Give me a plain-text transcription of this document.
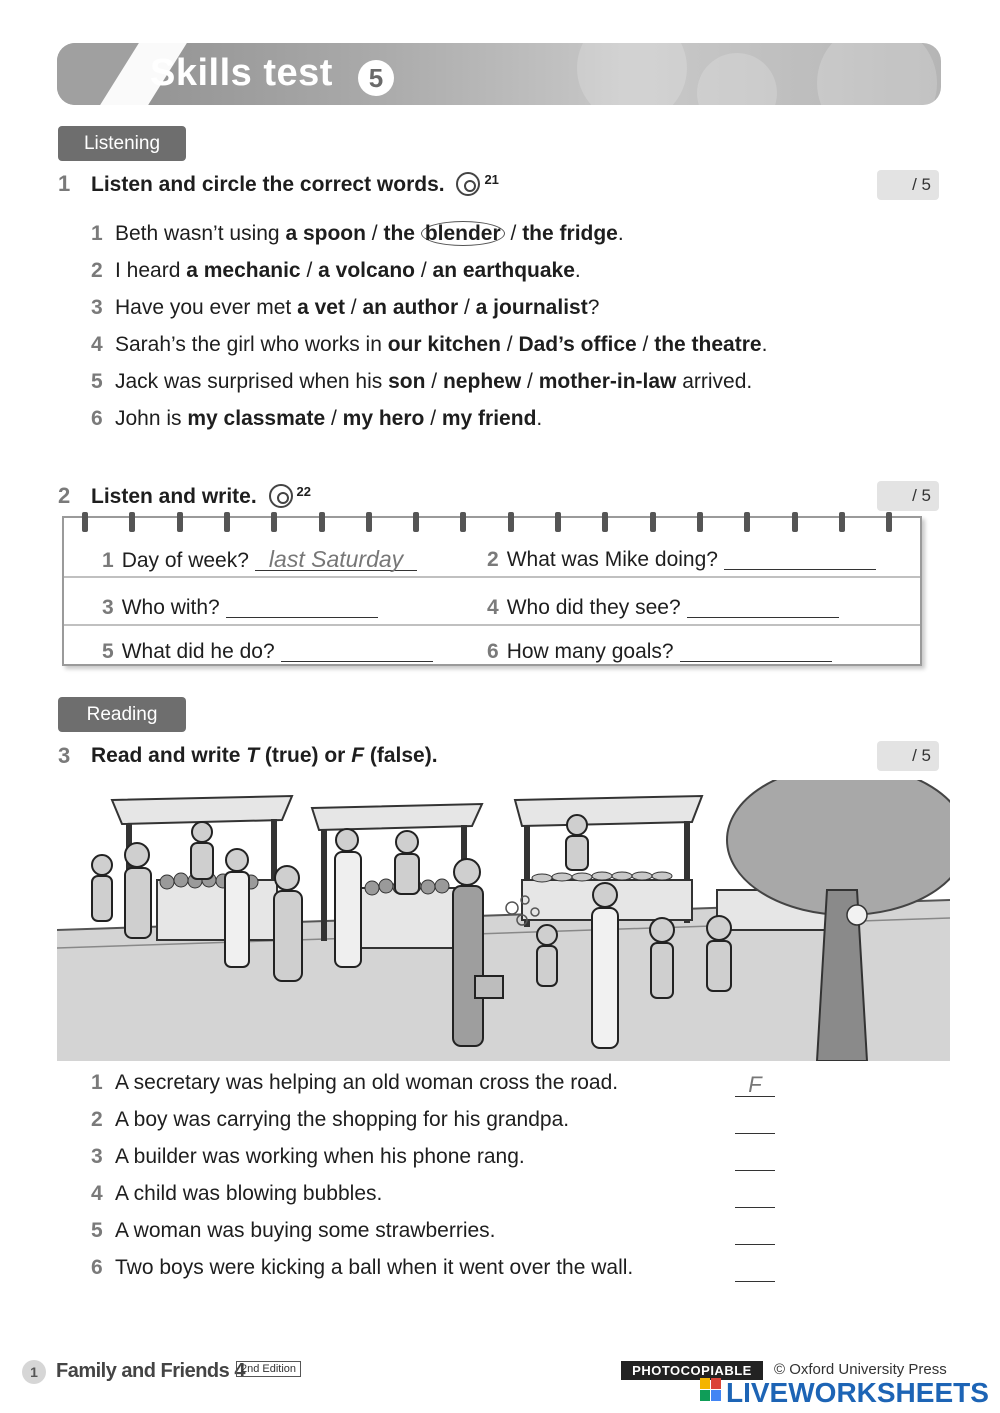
Skills test	5
Listening
1 Listen and circle the correct words.	$^{21}$	/ 5
1 Beth wasn’t using a spoon / the blender / the fridge.
2 I heard a mechanic / a volcano / an earthquake.
3 Have you ever met a vet / an author / a journalist?
4 Sarah’s the girl who works in our kitchen / Dad’s office / the theatre.
5 Jack was surprised when his son / nephew / mother-in-law arrived.
6 John is my classmate / my hero / my friend.
2 Listen and write.	$^{22}$	/ 5
1 Day of week? last Saturday	2 What was Mike doing?
3 Who with?	4 Who did they see?
5 What did he do?	6 How many goals?
Reading
3 Read and write T (true) or F (false).	/ 5
1 A secretary was helping an old woman cross the road.	F
2 A boy was carrying the shopping for his grandpa.
3 A builder was working when his phone rang.
4 A child was blowing bubbles.
5 A woman was buying some strawberries.
6 Two boys were kicking a ball when it went over the wall.
1 Family and Friends 4
2nd Edition	PHOTOCOPIABLE	© Oxford University Press
LIVEWORKSHEETS
